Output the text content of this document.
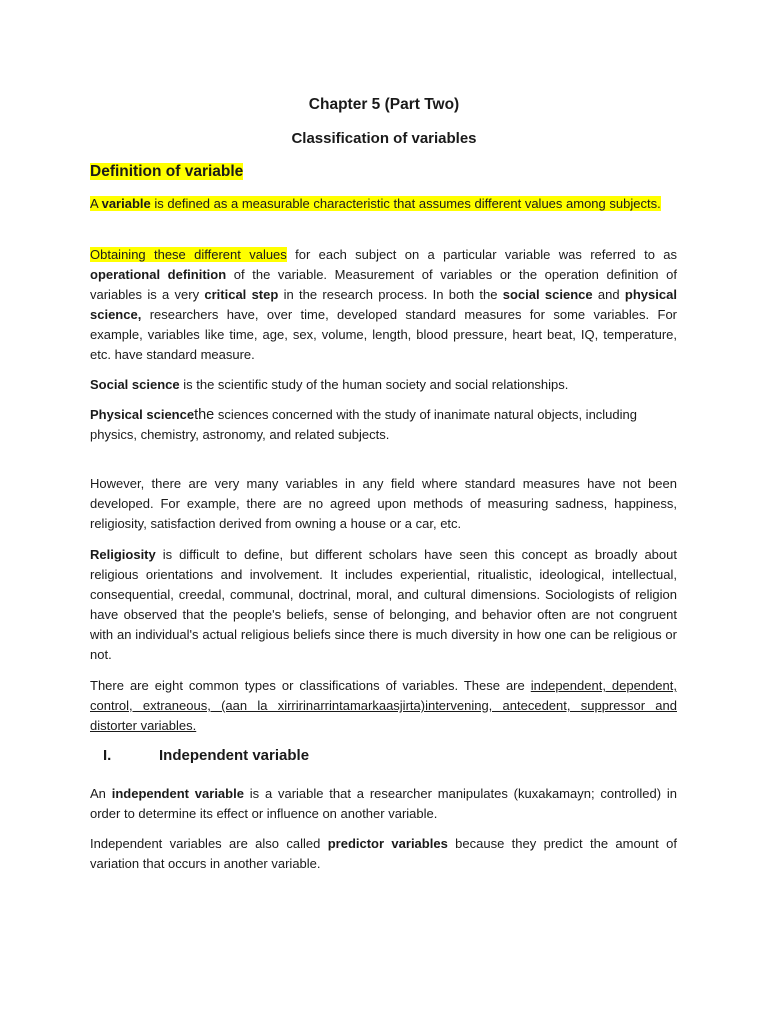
Chapter 5 (Part Two)
Classification of variables
Definition of variable

A variable is defined as a measurable characteristic that assumes different values among subjects.

Obtaining these different values for each subject on a particular variable was referred to as operational definition of the variable. Measurement of variables or the operation definition of variables is a very critical step in the research process. In both the social science and physical science, researchers have, over time, developed standard measures for some variables. For example, variables like time, age, sex, volume, length, blood pressure, heart beat, IQ, temperature, etc. have standard measure.

Social science is the scientific study of the human society and social relationships.

Physical sciencethe sciences concerned with the study of inanimate natural objects, including physics, chemistry, astronomy, and related subjects.

However, there are very many variables in any field where standard measures have not been developed. For example, there are no agreed upon methods of measuring sadness, happiness, religiosity, satisfaction derived from owning a house or a car, etc.

Religiosity is difficult to define, but different scholars have seen this concept as broadly about religious orientations and involvement. It includes experiential, ritualistic, ideological, intellectual, consequential, creedal, communal, doctrinal, moral, and cultural dimensions. Sociologists of religion have observed that the people's beliefs, sense of belonging, and behavior often are not congruent with an individual's actual religious beliefs since there is much diversity in how one can be religious or not.

There are eight common types or classifications of variables. These are independent, dependent, control, extraneous, (aan la xirririnarrintamarkaasjirta)intervening, antecedent, suppressor and distorter variables.

I.	Independent variable

An independent variable is a variable that a researcher manipulates (kuxakamayn; controlled) in order to determine its effect or influence on another variable.

Independent variables are also called predictor variables because they predict the amount of variation that occurs in another variable.
